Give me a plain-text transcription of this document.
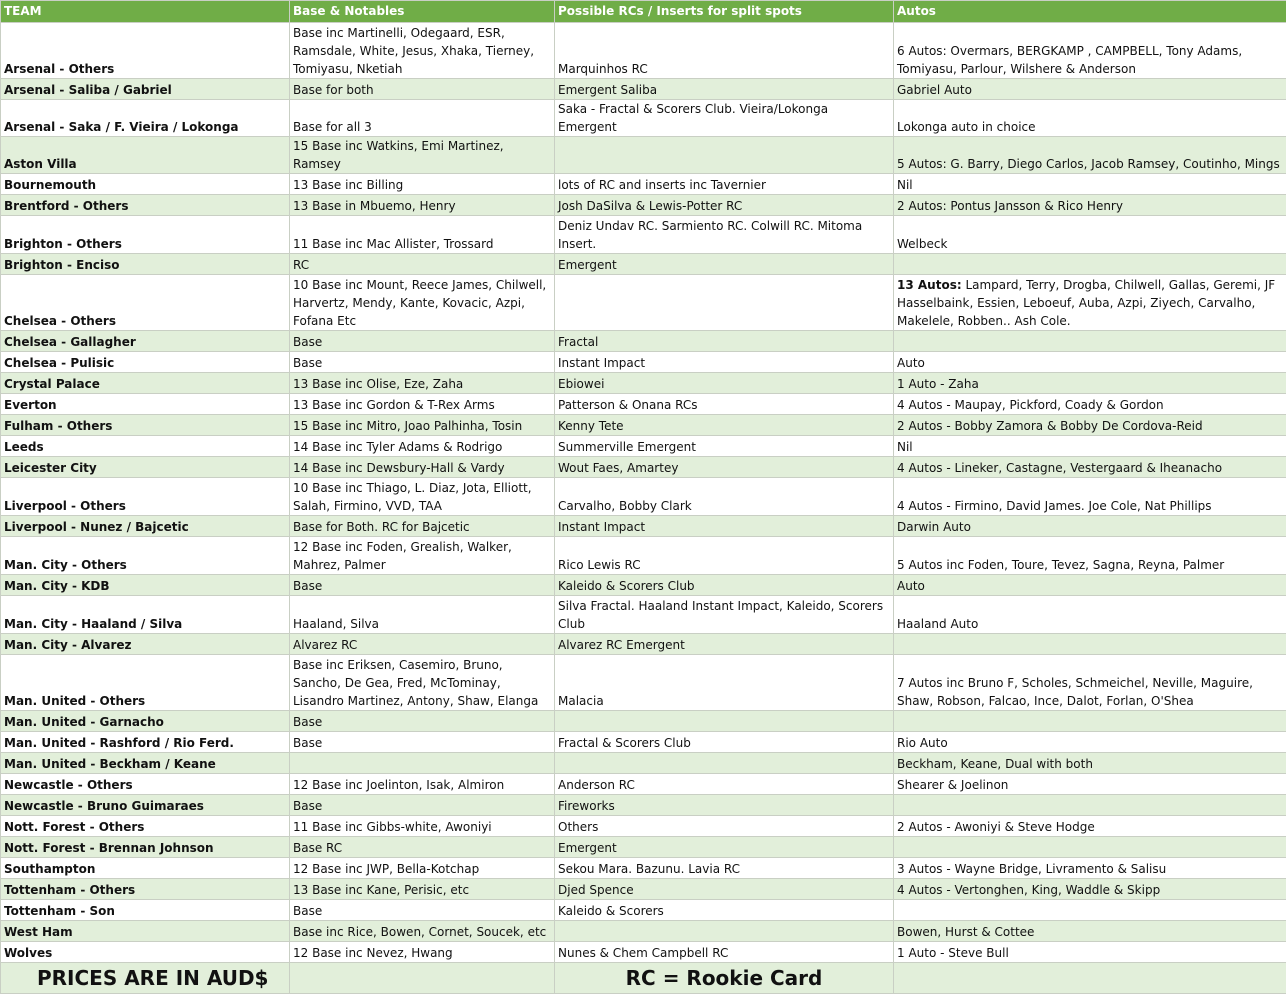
TEAM	Base & Notables	Possible RCs / Inserts for split spots	Autos
Arsenal - Others	Base inc Martinelli, Odegaard, ESR, Ramsdale, White, Jesus, Xhaka, Tierney, Tomiyasu, Nketiah	Marquinhos RC	6 Autos: Overmars, BERGKAMP , CAMPBELL, Tony Adams, Tomiyasu, Parlour, Wilshere & Anderson
Arsenal - Saliba / Gabriel	Base for both	Emergent Saliba	Gabriel Auto
Arsenal - Saka / F. Vieira / Lokonga	Base for all 3	Saka - Fractal & Scorers Club. Vieira/Lokonga Emergent	Lokonga auto in choice
Aston Villa	15 Base inc Watkins, Emi Martinez, Ramsey		5 Autos: G. Barry, Diego Carlos, Jacob Ramsey, Coutinho, Mings
Bournemouth	13 Base inc Billing	lots of RC and inserts inc Tavernier	Nil
Brentford - Others	13 Base in Mbuemo, Henry	Josh DaSilva & Lewis-Potter RC	2 Autos: Pontus Jansson & Rico Henry
Brighton - Others	11 Base inc Mac Allister, Trossard	Deniz Undav RC. Sarmiento RC. Colwill RC. Mitoma Insert.	Welbeck
Brighton - Enciso	RC	Emergent	
Chelsea - Others	10 Base inc Mount, Reece James, Chilwell, Harvertz, Mendy, Kante, Kovacic, Azpi, Fofana Etc		13 Autos: Lampard, Terry, Drogba, Chilwell, Gallas, Geremi, JF Hasselbaink, Essien, Leboeuf, Auba, Azpi, Ziyech, Carvalho, Makelele, Robben.. Ash Cole.
Chelsea - Gallagher	Base	Fractal	
Chelsea - Pulisic	Base	Instant Impact	Auto
Crystal Palace	13 Base inc Olise, Eze, Zaha	Ebiowei	1 Auto - Zaha
Everton	13 Base inc Gordon & T-Rex Arms	Patterson & Onana RCs	4 Autos - Maupay, Pickford, Coady & Gordon
Fulham - Others	15 Base inc Mitro, Joao Palhinha, Tosin	Kenny Tete	2 Autos - Bobby Zamora & Bobby De Cordova-Reid
Leeds	14 Base inc Tyler Adams & Rodrigo	Summerville Emergent	Nil
Leicester City	14 Base inc Dewsbury-Hall & Vardy	Wout Faes, Amartey	4 Autos - Lineker, Castagne, Vestergaard & Iheanacho
Liverpool - Others	10 Base inc Thiago, L. Diaz, Jota, Elliott, Salah, Firmino, VVD, TAA	Carvalho, Bobby Clark	4 Autos - Firmino, David James. Joe Cole, Nat Phillips
Liverpool - Nunez / Bajcetic	Base for Both. RC for Bajcetic	Instant Impact	Darwin Auto
Man. City - Others	12 Base inc Foden, Grealish, Walker, Mahrez, Palmer	Rico Lewis RC	5 Autos inc Foden, Toure, Tevez, Sagna, Reyna, Palmer
Man. City - KDB	Base	Kaleido & Scorers Club	Auto
Man. City - Haaland / Silva	Haaland, Silva	Silva Fractal. Haaland Instant Impact, Kaleido, Scorers Club	Haaland Auto
Man. City - Alvarez	Alvarez RC	Alvarez RC Emergent	
Man. United - Others	Base inc Eriksen, Casemiro, Bruno, Sancho, De Gea, Fred, McTominay, Lisandro Martinez, Antony, Shaw, Elanga	Malacia	7 Autos inc Bruno F, Scholes, Schmeichel, Neville, Maguire, Shaw, Robson, Falcao, Ince, Dalot, Forlan, O'Shea
Man. United - Garnacho	Base		
Man. United - Rashford / Rio Ferd.	Base	Fractal & Scorers Club	Rio Auto
Man. United - Beckham / Keane			Beckham, Keane, Dual with both
Newcastle - Others	12 Base inc Joelinton, Isak, Almiron	Anderson RC	Shearer & Joelinon
Newcastle - Bruno Guimaraes	Base	Fireworks	
Nott. Forest - Others	11 Base inc Gibbs-white, Awoniyi	Others	2 Autos - Awoniyi & Steve Hodge
Nott. Forest - Brennan Johnson	Base RC	Emergent	
Southampton	12 Base inc JWP, Bella-Kotchap	Sekou Mara. Bazunu. Lavia RC	3 Autos - Wayne Bridge, Livramento & Salisu
Tottenham - Others	13 Base inc Kane, Perisic, etc	Djed Spence	4 Autos - Vertonghen, King, Waddle & Skipp
Tottenham - Son	Base	Kaleido & Scorers	
West Ham	Base inc Rice, Bowen, Cornet, Soucek, etc		Bowen, Hurst & Cottee
Wolves	12 Base inc Nevez, Hwang	Nunes & Chem Campbell RC	1 Auto - Steve Bull
PRICES ARE IN AUD$		RC = Rookie Card	
